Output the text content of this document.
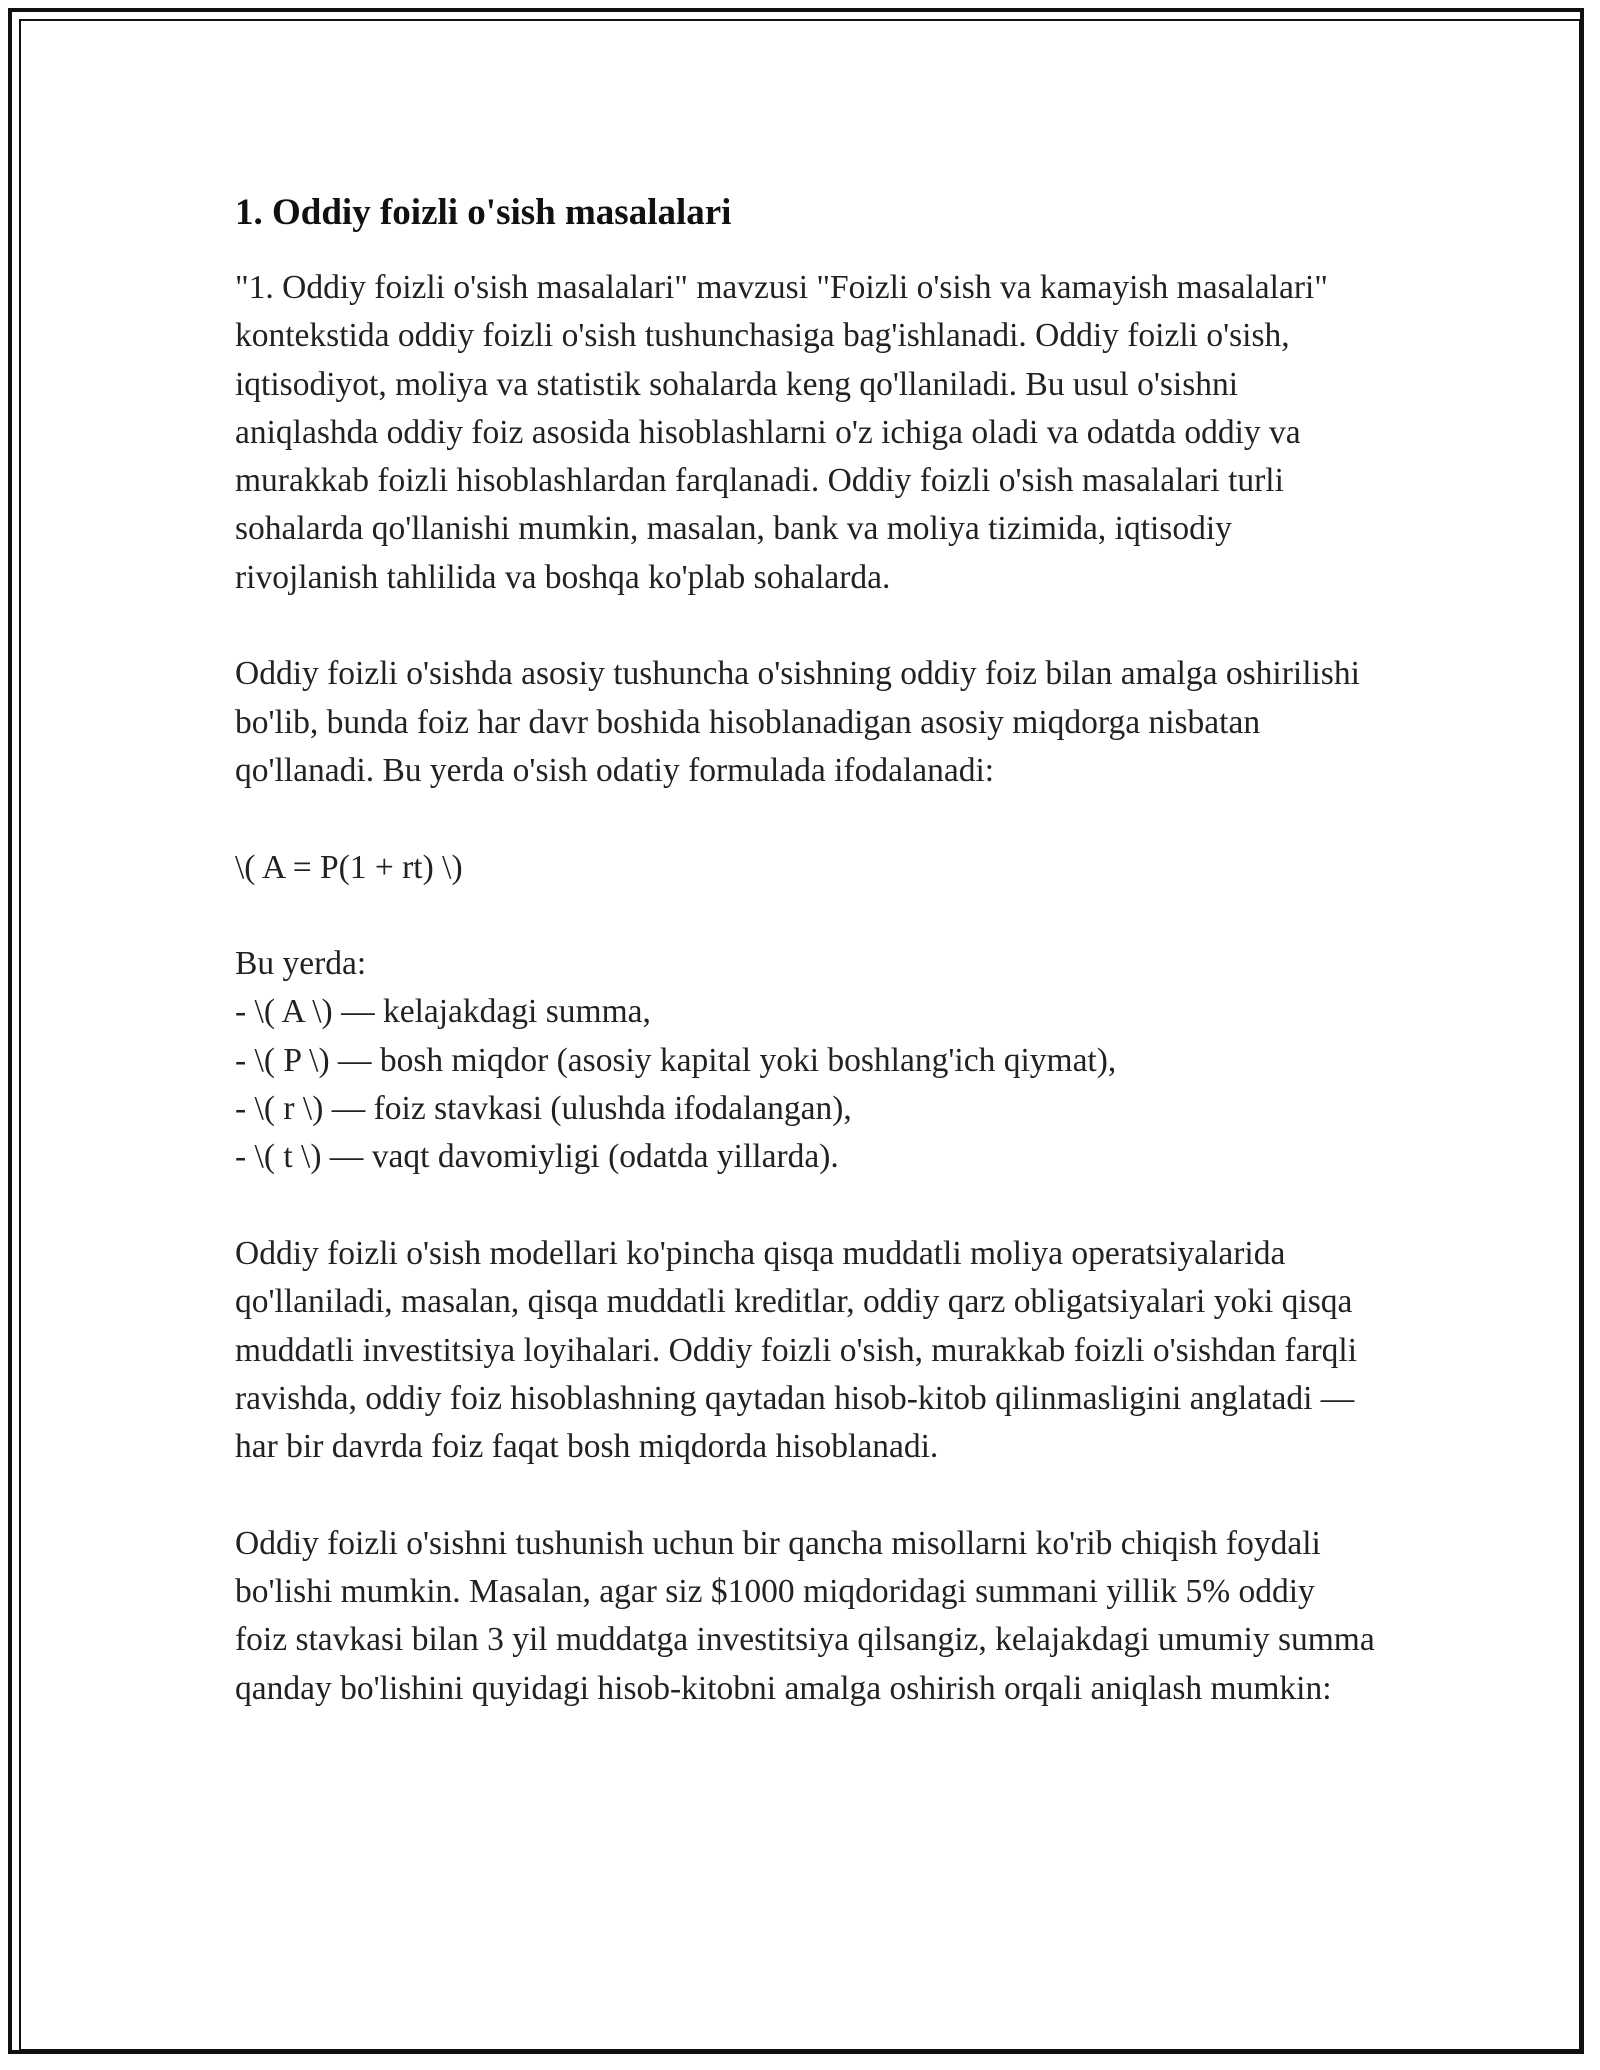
1. Oddiy foizli o'sish masalalari

"1. Oddiy foizli o'sish masalalari" mavzusi "Foizli o'sish va kamayish masalalari" kontekstida oddiy foizli o'sish tushunchasiga bag'ishlanadi. Oddiy foizli o'sish, iqtisodiyot, moliya va statistik sohalarda keng qo'llaniladi. Bu usul o'sishni aniqlashda oddiy foiz asosida hisoblashlarni o'z ichiga oladi va odatda oddiy va murakkab foizli hisoblashlardan farqlanadi. Oddiy foizli o'sish masalalari turli sohalarda qo'llanishi mumkin, masalan, bank va moliya tizimida, iqtisodiy rivojlanish tahlilida va boshqa ko'plab sohalarda.

Oddiy foizli o'sishda asosiy tushuncha o'sishning oddiy foiz bilan amalga oshirilishi bo'lib, bunda foiz har davr boshida hisoblanadigan asosiy miqdorga nisbatan qo'llanadi. Bu yerda o'sish odatiy formulada ifodalanadi:

\( A = P(1 + rt) \)

Bu yerda:

- \( A \) — kelajakdagi summa,

- \( P \) — bosh miqdor (asosiy kapital yoki boshlang'ich qiymat),

- \( r \) — foiz stavkasi (ulushda ifodalangan),

- \( t \) — vaqt davomiyligi (odatda yillarda).

Oddiy foizli o'sish modellari ko'pincha qisqa muddatli moliya operatsiyalarida qo'llaniladi, masalan, qisqa muddatli kreditlar, oddiy qarz obligatsiyalari yoki qisqa muddatli investitsiya loyihalari. Oddiy foizli o'sish, murakkab foizli o'sishdan farqli ravishda, oddiy foiz hisoblashning qaytadan hisob-kitob qilinmasligini anglatadi — har bir davrda foiz faqat bosh miqdorda hisoblanadi.

Oddiy foizli o'sishni tushunish uchun bir qancha misollarni ko'rib chiqish foydali bo'lishi mumkin. Masalan, agar siz $1000 miqdoridagi summani yillik 5% oddiy foiz stavkasi bilan 3 yil muddatga investitsiya qilsangiz, kelajakdagi umumiy summa qanday bo'lishini quyidagi hisob-kitobni amalga oshirish orqali aniqlash mumkin:
